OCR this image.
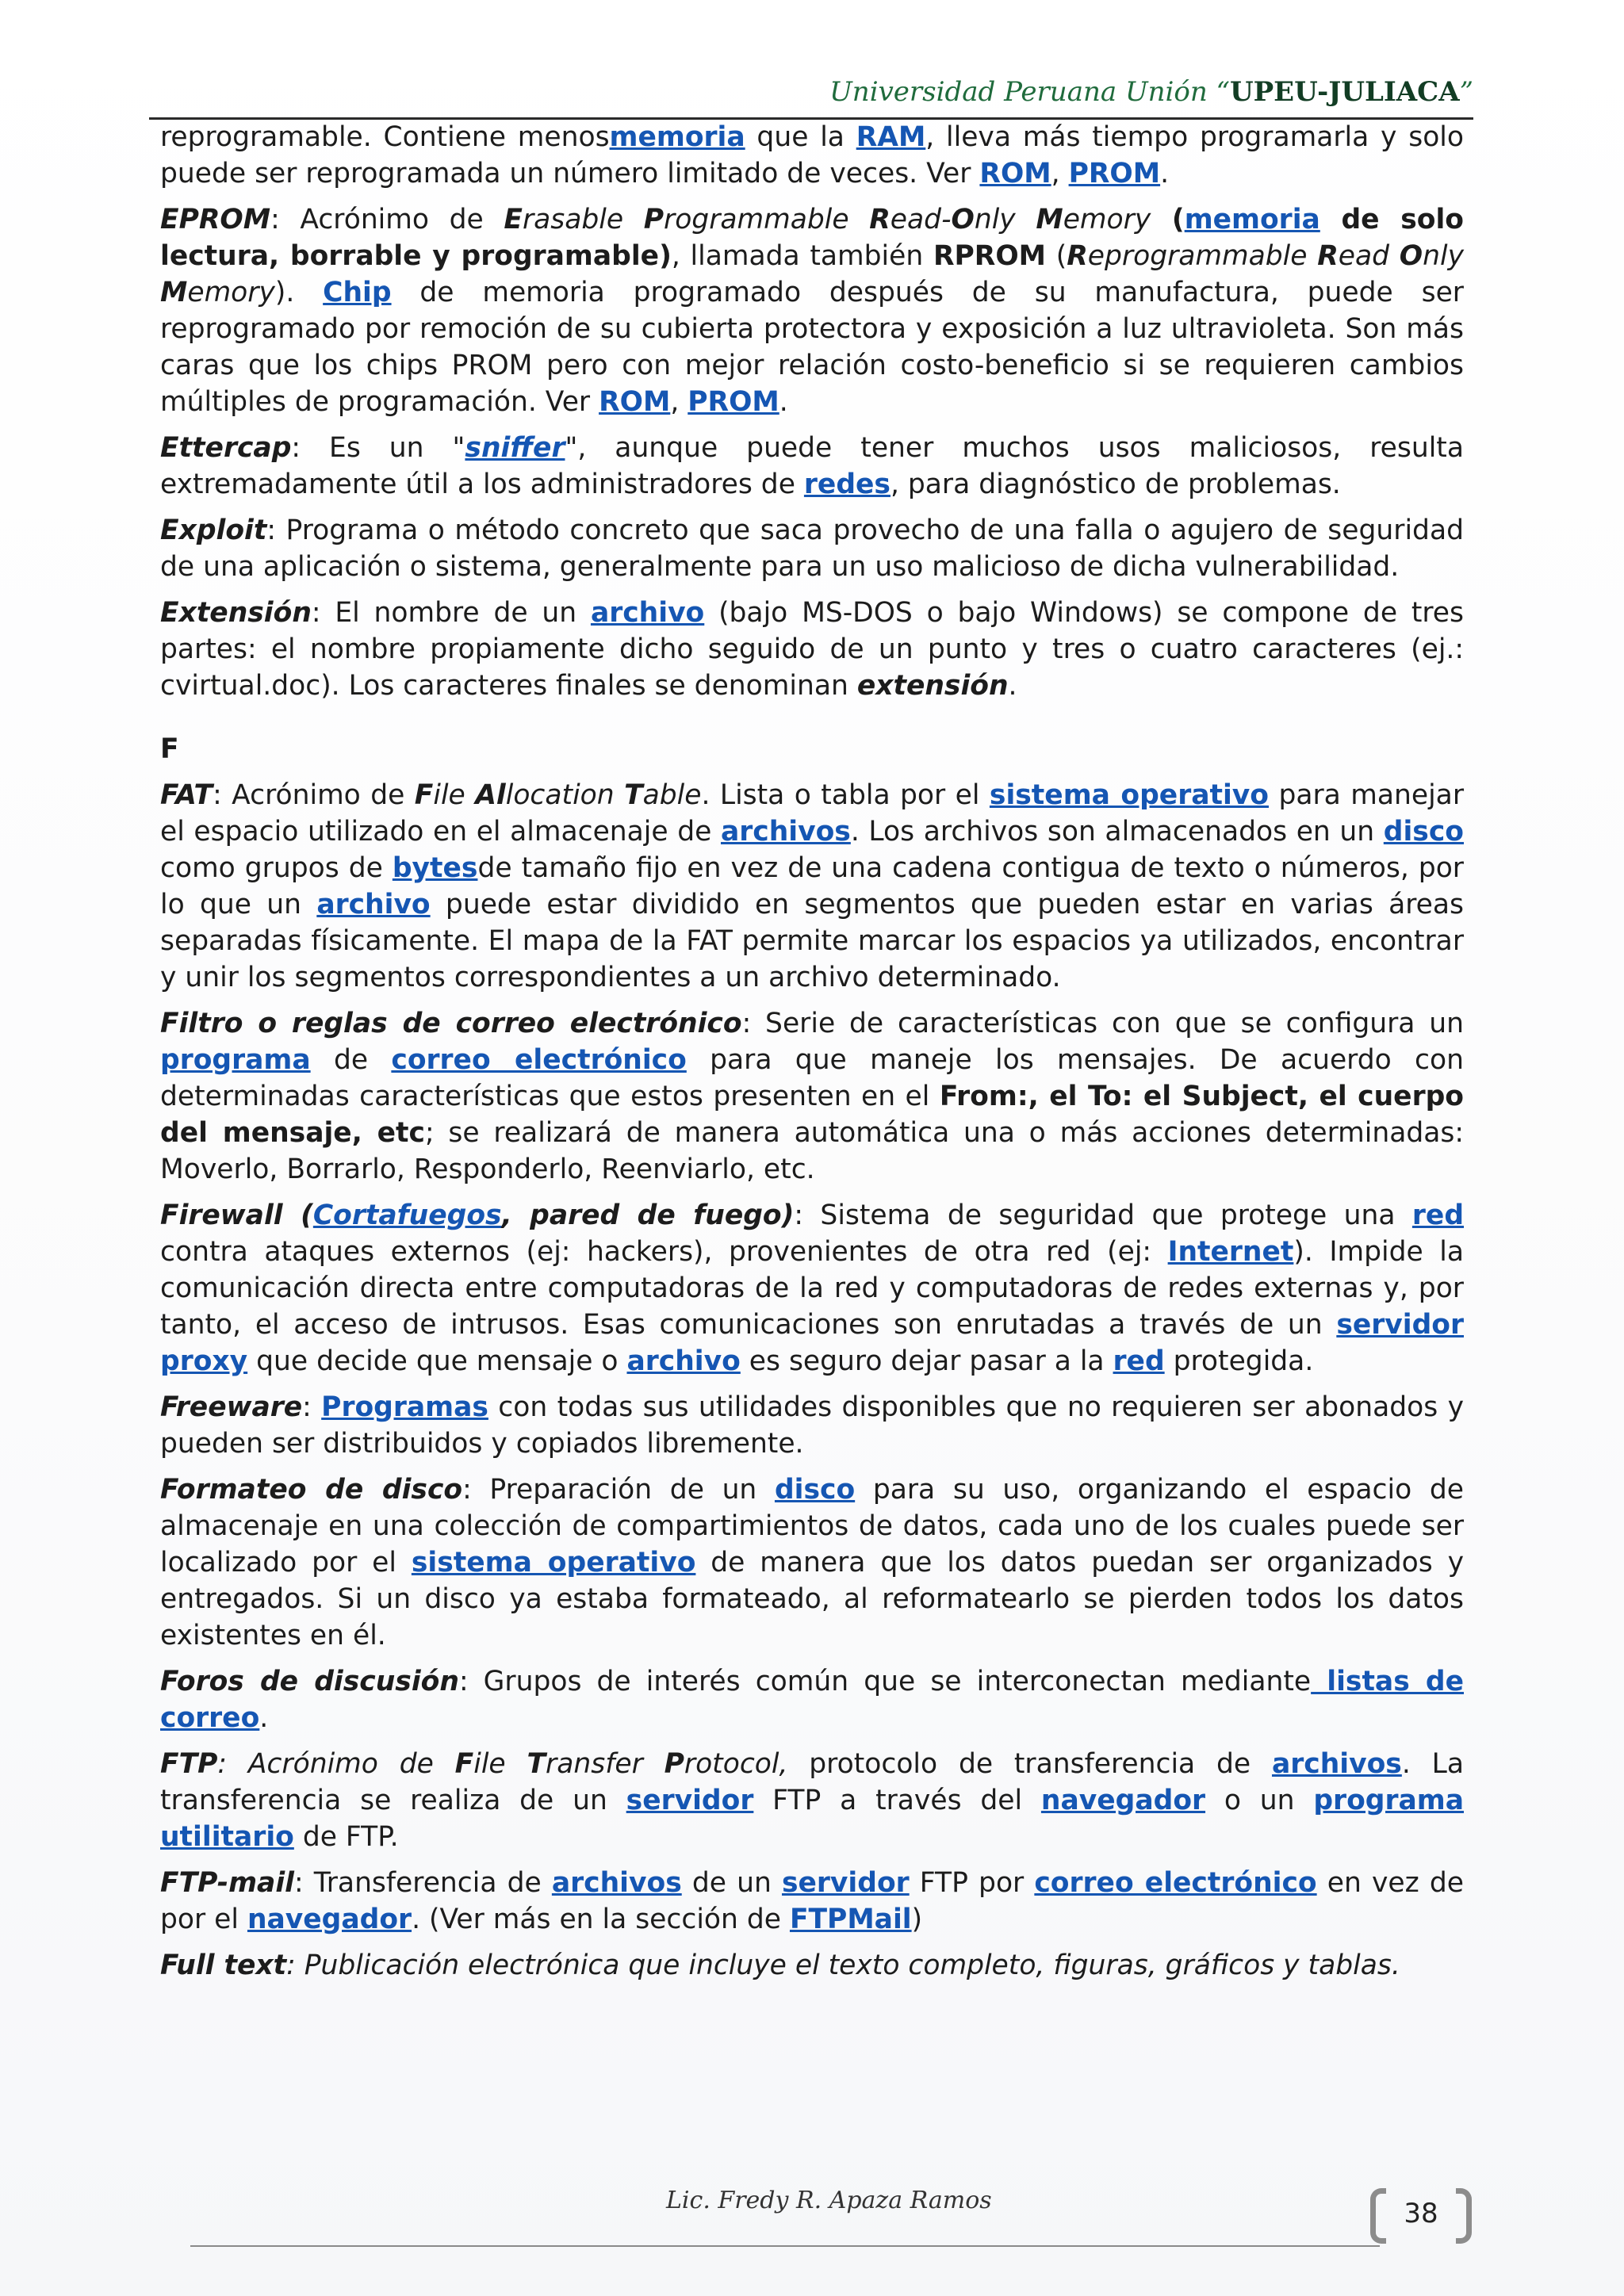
Universidad Peruana Unión “UPEU-JULIACA”

reprogramable. Contiene menosmemoria que la RAM, lleva más tiempo programarla y solo puede ser reprogramada un número limitado de veces. Ver ROM, PROM.

EPROM: Acrónimo de Erasable Programmable Read-Only Memory (memoria de solo lectura, borrable y programable), llamada también RPROM (Reprogrammable Read Only Memory). Chip de memoria programado después de su manufactura, puede ser reprogramado por remoción de su cubierta protectora y exposición a luz ultravioleta. Son más caras que los chips PROM pero con mejor relación costo-beneficio si se requieren cambios múltiples de programación. Ver ROM, PROM.

Ettercap: Es un "sniffer", aunque puede tener muchos usos maliciosos, resulta extremadamente útil a los administradores de redes, para diagnóstico de problemas.

Exploit: Programa o método concreto que saca provecho de una falla o agujero de seguridad de una aplicación o sistema, generalmente para un uso malicioso de dicha vulnerabilidad.

Extensión: El nombre de un archivo (bajo MS-DOS o bajo Windows) se compone de tres partes: el nombre propiamente dicho seguido de un punto y tres o cuatro caracteres (ej.: cvirtual.doc). Los caracteres finales se denominan extensión.

F

FAT: Acrónimo de File Allocation Table. Lista o tabla por el sistema operativo para manejar el espacio utilizado en el almacenaje de archivos. Los archivos son almacenados en un disco como grupos de bytesde tamaño fijo en vez de una cadena contigua de texto o números, por lo que un archivo puede estar dividido en segmentos que pueden estar en varias áreas separadas físicamente. El mapa de la FAT permite marcar los espacios ya utilizados, encontrar y unir los segmentos correspondientes a un archivo determinado.

Filtro o reglas de correo electrónico: Serie de características con que se configura un programa de correo electrónico para que maneje los mensajes. De acuerdo con determinadas características que estos presenten en el From:, el To: el Subject, el cuerpo del mensaje, etc; se realizará de manera automática una o más acciones determinadas: Moverlo, Borrarlo, Responderlo, Reenviarlo, etc.

Firewall (Cortafuegos, pared de fuego): Sistema de seguridad que protege una red contra ataques externos (ej: hackers), provenientes de otra red (ej: Internet). Impide la comunicación directa entre computadoras de la red y computadoras de redes externas y, por tanto, el acceso de intrusos. Esas comunicaciones son enrutadas a través de un servidor proxy que decide que mensaje o archivo es seguro dejar pasar a la red protegida.

Freeware: Programas con todas sus utilidades disponibles que no requieren ser abonados y pueden ser distribuidos y copiados libremente.

Formateo de disco: Preparación de un disco para su uso, organizando el espacio de almacenaje en una colección de compartimientos de datos, cada uno de los cuales puede ser localizado por el sistema operativo de manera que los datos puedan ser organizados y entregados. Si un disco ya estaba formateado, al reformatearlo se pierden todos los datos existentes en él.

Foros de discusión: Grupos de interés común que se interconectan mediante listas de correo.

FTP: Acrónimo de File Transfer Protocol, protocolo de transferencia de archivos. La transferencia se realiza de un servidor FTP a través del navegador o un programa utilitario de FTP.

FTP-mail: Transferencia de archivos de un servidor FTP por correo electrónico en vez de por el navegador. (Ver más en la sección de FTPMail)

Full text: Publicación electrónica que incluye el texto completo, figuras, gráficos y tablas.

Lic. Fredy R. Apaza Ramos	38
